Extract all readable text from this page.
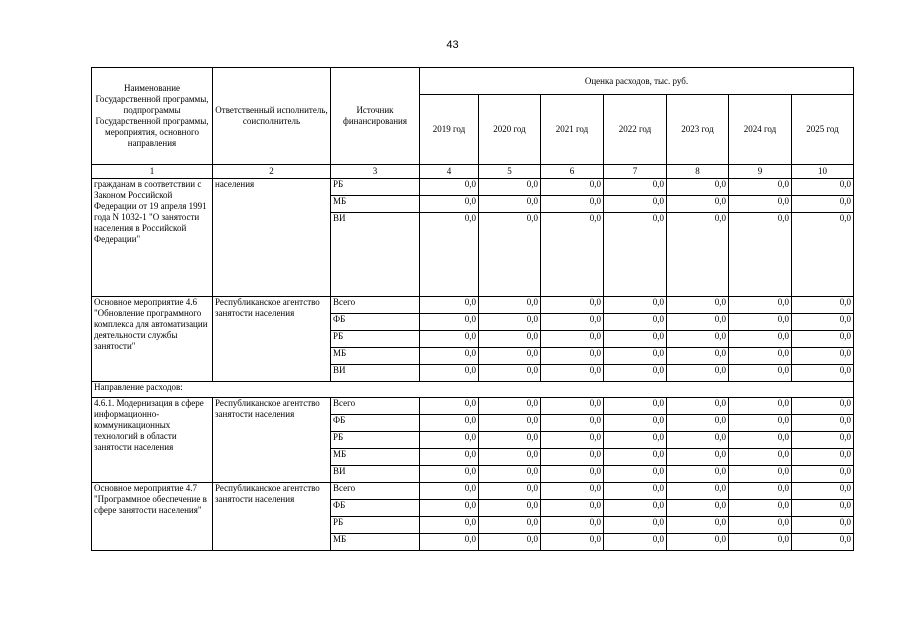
43
Наименование Государственной программы, подпрограммы Государственной программы, мероприятия, основного направления	Ответственный исполнитель, соисполнитель	Источник финансирования	Оценка расходов, тыс. руб.						
			2019 год	2020 год	2021 год	2022 год	2023 год	2024 год	2025 год
1	2	3	4	5	6	7	8	9	10
гражданам в соответствии с Законом Российской Федерации от 19 апреля 1991 года N 1032-1 "О занятости населения в Российской Федерации"	населения	РБ	0,0	0,0	0,0	0,0	0,0	0,0	0,0
		МБ	0,0	0,0	0,0	0,0	0,0	0,0	0,0
		ВИ	0,0	0,0	0,0	0,0	0,0	0,0	0,0
Основное мероприятие 4.6 "Обновление программного комплекса для автоматизации деятельности службы занятости"	Республиканское агентство занятости населения	Всего	0,0	0,0	0,0	0,0	0,0	0,0	0,0
		ФБ	0,0	0,0	0,0	0,0	0,0	0,0	0,0
		РБ	0,0	0,0	0,0	0,0	0,0	0,0	0,0
		МБ	0,0	0,0	0,0	0,0	0,0	0,0	0,0
		ВИ	0,0	0,0	0,0	0,0	0,0	0,0	0,0
Направление расходов:									
4.6.1. Модернизация в сфере информационно-коммуникационных технологий в области занятости населения	Республиканское агентство занятости населения	Всего	0,0	0,0	0,0	0,0	0,0	0,0	0,0
		ФБ	0,0	0,0	0,0	0,0	0,0	0,0	0,0
		РБ	0,0	0,0	0,0	0,0	0,0	0,0	0,0
		МБ	0,0	0,0	0,0	0,0	0,0	0,0	0,0
		ВИ	0,0	0,0	0,0	0,0	0,0	0,0	0,0
Основное мероприятие 4.7 "Программное обеспечение в сфере занятости населения"	Республиканское агентство занятости населения	Всего	0,0	0,0	0,0	0,0	0,0	0,0	0,0
		ФБ	0,0	0,0	0,0	0,0	0,0	0,0	0,0
		РБ	0,0	0,0	0,0	0,0	0,0	0,0	0,0
		МБ	0,0	0,0	0,0	0,0	0,0	0,0	0,0
